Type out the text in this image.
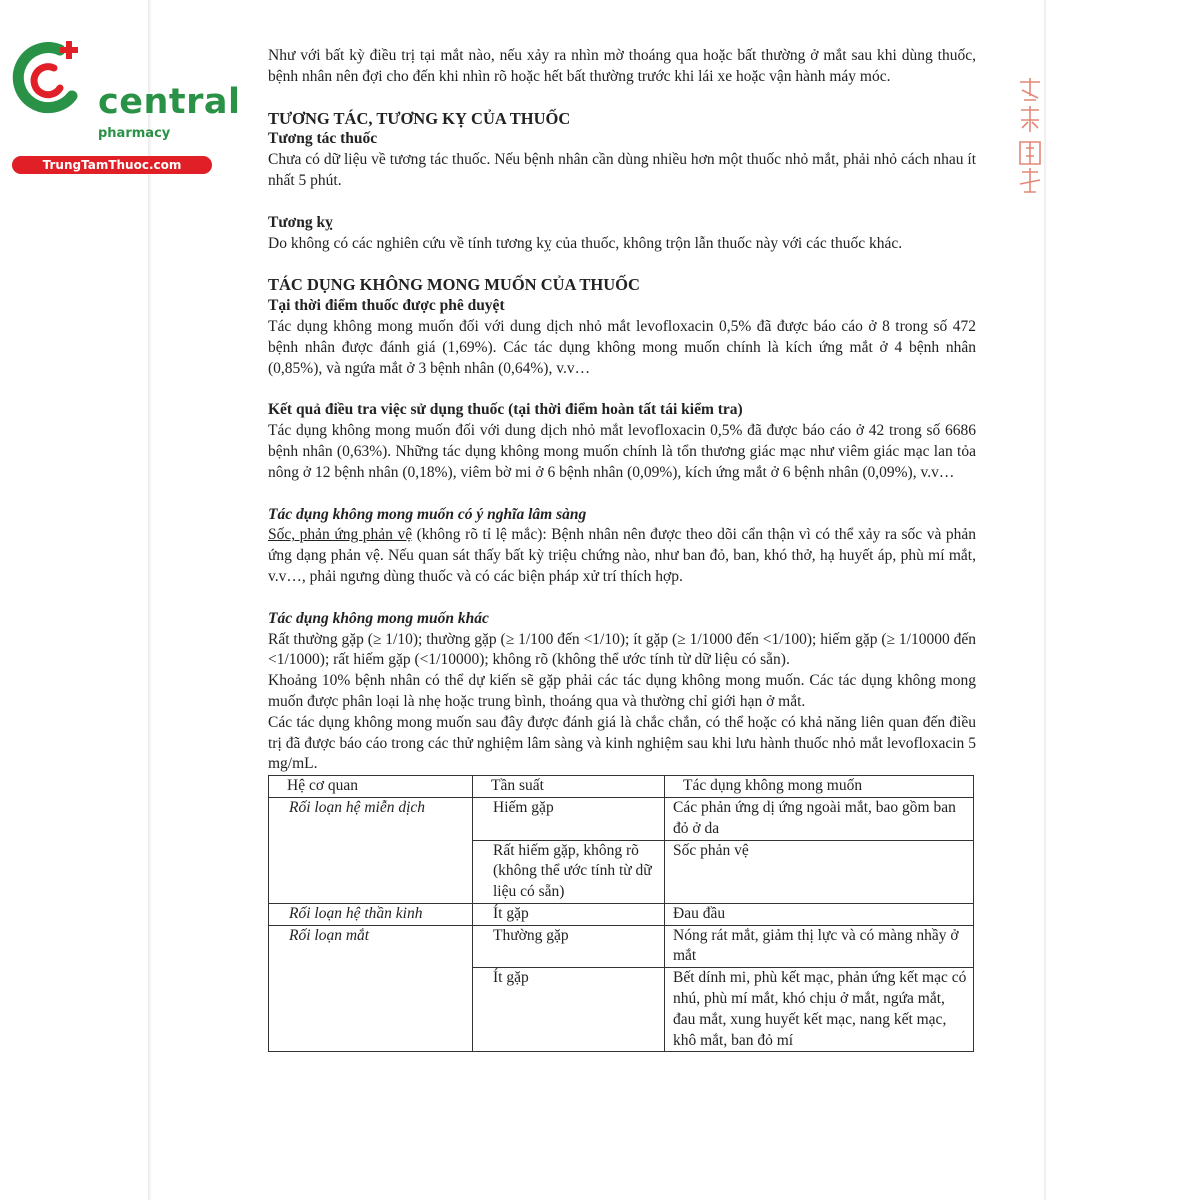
central

pharmacy

TrungTamThuoc.com

Như với bất kỳ điều trị tại mắt nào, nếu xảy ra nhìn mờ thoáng qua hoặc bất thường ở mắt sau khi dùng thuốc, bệnh nhân nên đợi cho đến khi nhìn rõ hoặc hết bất thường trước khi lái xe hoặc vận hành máy móc.

TƯƠNG TÁC, TƯƠNG KỴ CỦA THUỐC

Tương tác thuốc

Chưa có dữ liệu về tương tác thuốc. Nếu bệnh nhân cần dùng nhiều hơn một thuốc nhỏ mắt, phải nhỏ cách nhau ít nhất 5 phút.

Tương kỵ

Do không có các nghiên cứu về tính tương kỵ của thuốc, không trộn lẫn thuốc này với các thuốc khác.

TÁC DỤNG KHÔNG MONG MUỐN CỦA THUỐC

Tại thời điểm thuốc được phê duyệt

Tác dụng không mong muốn đối với dung dịch nhỏ mắt levofloxacin 0,5% đã được báo cáo ở 8 trong số 472 bệnh nhân được đánh giá (1,69%). Các tác dụng không mong muốn chính là kích ứng mắt ở 4 bệnh nhân (0,85%), và ngứa mắt ở 3 bệnh nhân (0,64%), v.v…

Kết quả điều tra việc sử dụng thuốc (tại thời điểm hoàn tất tái kiểm tra)

Tác dụng không mong muốn đối với dung dịch nhỏ mắt levofloxacin 0,5% đã được báo cáo ở 42 trong số 6686 bệnh nhân (0,63%). Những tác dụng không mong muốn chính là tổn thương giác mạc như viêm giác mạc lan tỏa nông ở 12 bệnh nhân (0,18%), viêm bờ mi ở 6 bệnh nhân (0,09%), kích ứng mắt ở 6 bệnh nhân (0,09%), v.v…

Tác dụng không mong muốn có ý nghĩa lâm sàng

Sốc, phản ứng phản vệ (không rõ tỉ lệ mắc): Bệnh nhân nên được theo dõi cẩn thận vì có thể xảy ra sốc và phản ứng dạng phản vệ. Nếu quan sát thấy bất kỳ triệu chứng nào, như ban đỏ, ban, khó thở, hạ huyết áp, phù mí mắt, v.v…, phải ngưng dùng thuốc và có các biện pháp xử trí thích hợp.

Tác dụng không mong muốn khác

Rất thường gặp (≥ 1/10); thường gặp (≥ 1/100 đến <1/10); ít gặp (≥ 1/1000 đến <1/100); hiếm gặp (≥ 1/10000 đến <1/1000); rất hiếm gặp (<1/10000); không rõ (không thể ước tính từ dữ liệu có sẵn).

Khoảng 10% bệnh nhân có thể dự kiến sẽ gặp phải các tác dụng không mong muốn. Các tác dụng không mong muốn được phân loại là nhẹ hoặc trung bình, thoáng qua và thường chỉ giới hạn ở mắt.

Các tác dụng không mong muốn sau đây được đánh giá là chắc chắn, có thể hoặc có khả năng liên quan đến điều trị đã được báo cáo trong các thử nghiệm lâm sàng và kinh nghiệm sau khi lưu hành thuốc nhỏ mắt levofloxacin 5 mg/mL.

Hệ cơ quan	Tần suất	Tác dụng không mong muốn
Rối loạn hệ miễn dịch	Hiếm gặp	Các phản ứng dị ứng ngoài mắt, bao gồm ban đỏ ở da
	Rất hiếm gặp, không rõ (không thể ước tính từ dữ liệu có sẵn)	Sốc phản vệ
Rối loạn hệ thần kinh	Ít gặp	Đau đầu
Rối loạn mắt	Thường gặp	Nóng rát mắt, giảm thị lực và có màng nhầy ở mắt
	Ít gặp	Bết dính mi, phù kết mạc, phản ứng kết mạc có nhú, phù mí mắt, khó chịu ở mắt, ngứa mắt, đau mắt, xung huyết kết mạc, nang kết mạc, khô mắt, ban đỏ mí
